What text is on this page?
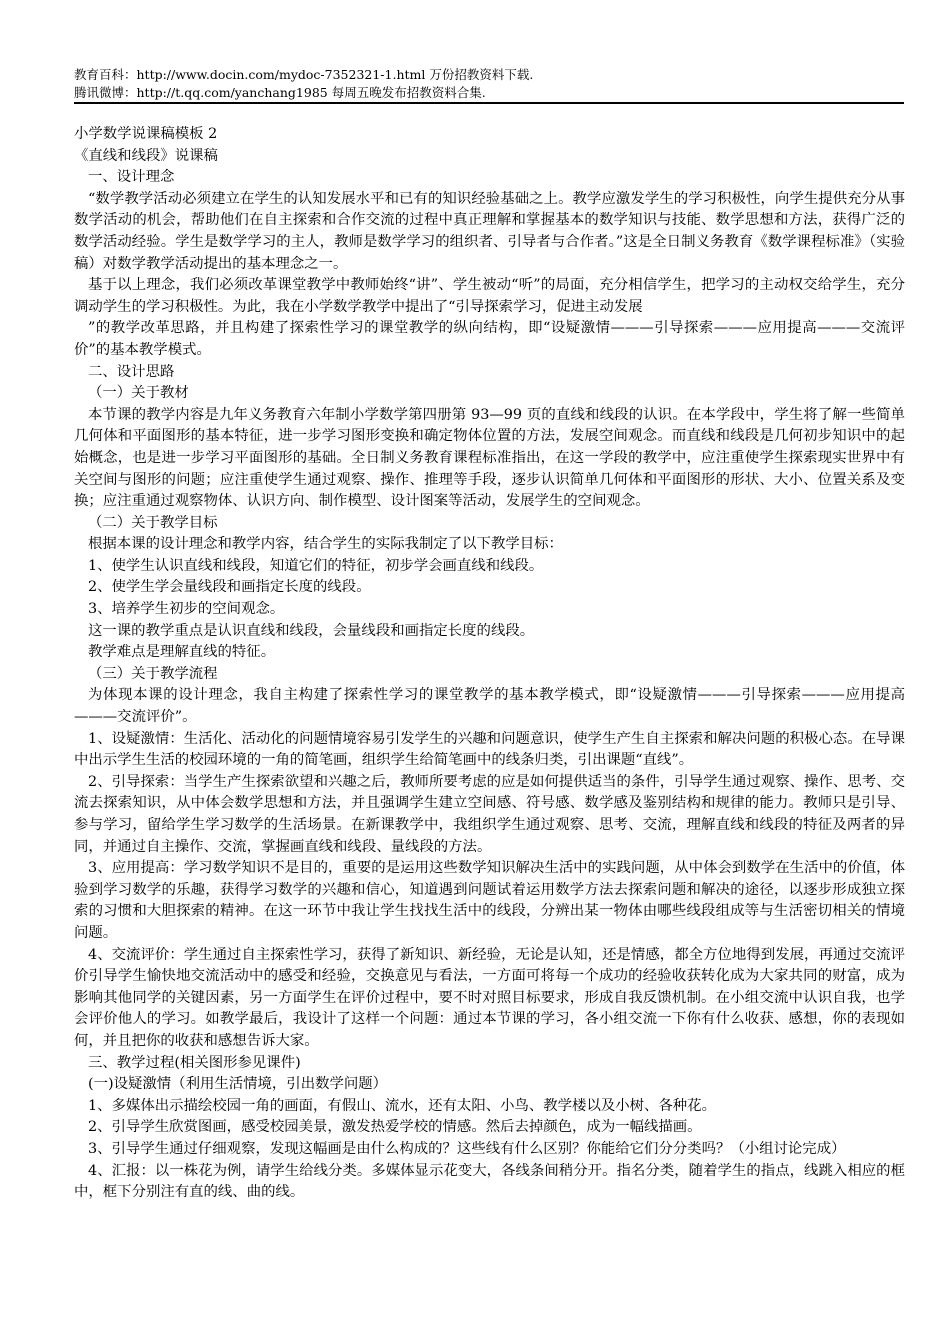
教育百科：http://www.docin.com/mydoc-7352321-1.html 万份招教资料下载.
腾讯微博：http://t.qq.com/yanchang1985 每周五晚发布招教资料合集.

小学数学说课稿模板 2

《直线和线段》说课稿

一、设计理念

“数学教学活动必须建立在学生的认知发展水平和已有的知识经验基础之上。教学应激发学生的学习积极性，向学生提供充分从事数学活动的机会，帮助他们在自主探索和合作交流的过程中真正理解和掌握基本的数学知识与技能、数学思想和方法，获得广泛的数学活动经验。学生是数学学习的主人，教师是数学学习的组织者、引导者与合作者。”这是全日制义务教育《数学课程标准》（实验稿）对数学教学活动提出的基本理念之一。

基于以上理念，我们必须改革课堂教学中教师始终“讲”、学生被动“听”的局面，充分相信学生，把学习的主动权交给学生，充分调动学生的学习积极性。为此，我在小学数学教学中提出了“引导探索学习，促进主动发展

”的教学改革思路，并且构建了探索性学习的课堂教学的纵向结构，即“设疑激情———引导探索———应用提高———交流评价”的基本教学模式。

二、设计思路

（一）关于教材

本节课的教学内容是九年义务教育六年制小学数学第四册第 93—99 页的直线和线段的认识。在本学段中，学生将了解一些简单几何体和平面图形的基本特征，进一步学习图形变换和确定物体位置的方法，发展空间观念。而直线和线段是几何初步知识中的起始概念，也是进一步学习平面图形的基础。全日制义务教育课程标准指出，在这一学段的教学中，应注重使学生探索现实世界中有关空间与图形的问题；应注重使学生通过观察、操作、推理等手段，逐步认识简单几何体和平面图形的形状、大小、位置关系及变换；应注重通过观察物体、认识方向、制作模型、设计图案等活动，发展学生的空间观念。

（二）关于教学目标

根据本课的设计理念和教学内容，结合学生的实际我制定了以下教学目标：

1、使学生认识直线和线段，知道它们的特征，初步学会画直线和线段。

2、使学生学会量线段和画指定长度的线段。

3、培养学生初步的空间观念。

这一课的教学重点是认识直线和线段，会量线段和画指定长度的线段。

教学难点是理解直线的特征。

（三）关于教学流程

为体现本课的设计理念，我自主构建了探索性学习的课堂教学的基本教学模式，即“设疑激情———引导探索———应用提高———交流评价”。

1、设疑激情：生活化、活动化的问题情境容易引发学生的兴趣和问题意识，使学生产生自主探索和解决问题的积极心态。在导课中出示学生生活的校园环境的一角的简笔画，组织学生给简笔画中的线条归类，引出课题“直线”。

2、引导探索：当学生产生探索欲望和兴趣之后，教师所要考虑的应是如何提供适当的条件，引导学生通过观察、操作、思考、交流去探索知识，从中体会数学思想和方法，并且强调学生建立空间感、符号感、数学感及鉴别结构和规律的能力。教师只是引导、参与学习，留给学生学习数学的生活场景。在新课教学中，我组织学生通过观察、思考、交流，理解直线和线段的特征及两者的异同，并通过自主操作、交流，掌握画直线和线段、量线段的方法。

3、应用提高：学习数学知识不是目的，重要的是运用这些数学知识解决生活中的实践问题，从中体会到数学在生活中的价值，体验到学习数学的乐趣，获得学习数学的兴趣和信心，知道遇到问题试着运用数学方法去探索问题和解决的途径，以逐步形成独立探索的习惯和大胆探索的精神。在这一环节中我让学生找找生活中的线段，分辨出某一物体由哪些线段组成等与生活密切相关的情境问题。

4、交流评价：学生通过自主探索性学习，获得了新知识、新经验，无论是认知，还是情感，都全方位地得到发展，再通过交流评价引导学生愉快地交流活动中的感受和经验，交换意见与看法，一方面可将每一个成功的经验收获转化成为大家共同的财富，成为影响其他同学的关键因素，另一方面学生在评价过程中，要不时对照目标要求，形成自我反馈机制。在小组交流中认识自我，也学会评价他人的学习。如教学最后，我设计了这样一个问题：通过本节课的学习，各小组交流一下你有什么收获、感想，你的表现如何，并且把你的收获和感想告诉大家。

三、教学过程(相关图形参见课件)

(一)设疑激情（利用生活情境，引出数学问题）

1、多媒体出示描绘校园一角的画面，有假山、流水，还有太阳、小鸟、教学楼以及小树、各种花。

2、引导学生欣赏图画，感受校园美景，激发热爱学校的情感。然后去掉颜色，成为一幅线描画。

3、引导学生通过仔细观察，发现这幅画是由什么构成的？这些线有什么区别？你能给它们分分类吗？（小组讨论完成）

4、汇报：以一株花为例，请学生给线分类。多媒体显示花变大，各线条间稍分开。指名分类，随着学生的指点，线跳入相应的框中，框下分别注有直的线、曲的线。
